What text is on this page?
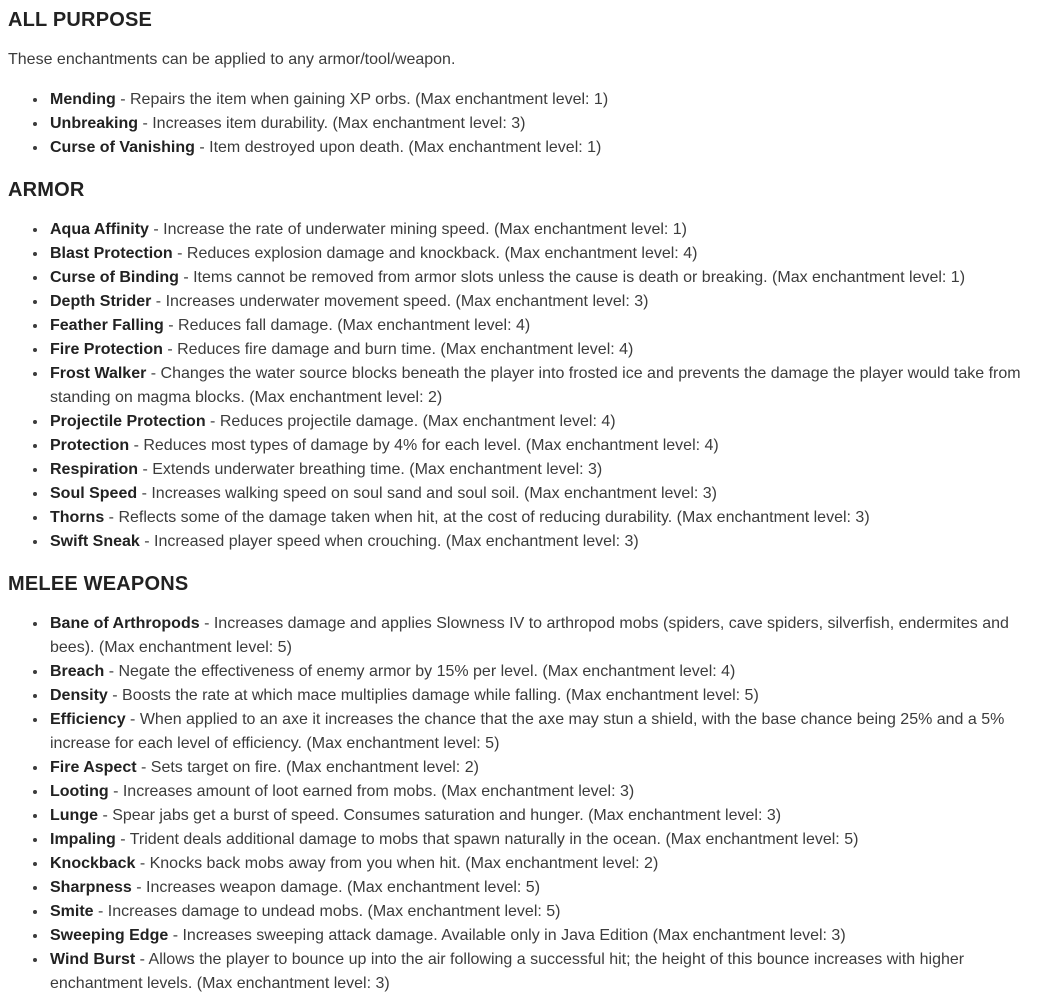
ALL PURPOSE

These enchantments can be applied to any armor/tool/weapon.

• Mending - Repairs the item when gaining XP orbs. (Max enchantment level: 1)
• Unbreaking - Increases item durability. (Max enchantment level: 3)
• Curse of Vanishing - Item destroyed upon death. (Max enchantment level: 1)
ARMOR
• Aqua Affinity - Increase the rate of underwater mining speed. (Max enchantment level: 1)
• Blast Protection - Reduces explosion damage and knockback. (Max enchantment level: 4)
• Curse of Binding - Items cannot be removed from armor slots unless the cause is death or breaking. (Max enchantment level: 1)
• Depth Strider - Increases underwater movement speed. (Max enchantment level: 3)
• Feather Falling - Reduces fall damage. (Max enchantment level: 4)
• Fire Protection - Reduces fire damage and burn time. (Max enchantment level: 4)
• Frost Walker - Changes the water source blocks beneath the player into frosted ice and prevents the damage the player would take from standing on magma blocks. (Max enchantment level: 2)
• Projectile Protection - Reduces projectile damage. (Max enchantment level: 4)
• Protection - Reduces most types of damage by 4% for each level. (Max enchantment level: 4)
• Respiration - Extends underwater breathing time. (Max enchantment level: 3)
• Soul Speed - Increases walking speed on soul sand and soul soil. (Max enchantment level: 3)
• Thorns - Reflects some of the damage taken when hit, at the cost of reducing durability. (Max enchantment level: 3)
• Swift Sneak - Increased player speed when crouching. (Max enchantment level: 3)
MELEE WEAPONS
• Bane of Arthropods - Increases damage and applies Slowness IV to arthropod mobs (spiders, cave spiders, silverfish, endermites and bees). (Max enchantment level: 5)
• Breach - Negate the effectiveness of enemy armor by 15% per level. (Max enchantment level: 4)
• Density - Boosts the rate at which mace multiplies damage while falling. (Max enchantment level: 5)
• Efficiency - When applied to an axe it increases the chance that the axe may stun a shield, with the base chance being 25% and a 5% increase for each level of efficiency. (Max enchantment level: 5)
• Fire Aspect - Sets target on fire. (Max enchantment level: 2)
• Looting - Increases amount of loot earned from mobs. (Max enchantment level: 3)
• Lunge - Spear jabs get a burst of speed. Consumes saturation and hunger. (Max enchantment level: 3)
• Impaling - Trident deals additional damage to mobs that spawn naturally in the ocean. (Max enchantment level: 5)
• Knockback - Knocks back mobs away from you when hit. (Max enchantment level: 2)
• Sharpness - Increases weapon damage. (Max enchantment level: 5)
• Smite - Increases damage to undead mobs. (Max enchantment level: 5)
• Sweeping Edge - Increases sweeping attack damage. Available only in Java Edition (Max enchantment level: 3)
• Wind Burst - Allows the player to bounce up into the air following a successful hit; the height of this bounce increases with higher enchantment levels. (Max enchantment level: 3)
